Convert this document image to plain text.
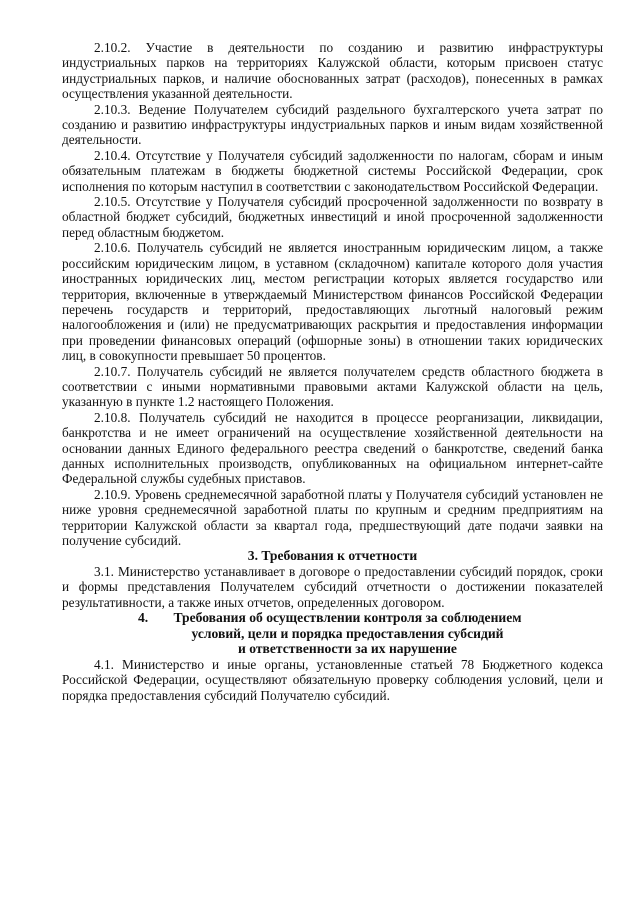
2.10.2. Участие в деятельности по созданию и развитию инфраструктуры индустриальных парков на территориях Калужской области, которым присвоен статус индустриальных парков, и наличие обоснованных затрат (расходов), понесенных в рамках осуществления указанной деятельности.

2.10.3. Ведение Получателем субсидий раздельного бухгалтерского учета затрат по созданию и развитию инфраструктуры индустриальных парков и иным видам хозяйственной деятельности.

2.10.4. Отсутствие у Получателя субсидий задолженности по налогам, сборам и иным обязательным платежам в бюджеты бюджетной системы Российской Федерации, срок исполнения по которым наступил в соответствии с законодательством Российской Федерации.

2.10.5. Отсутствие у Получателя субсидий просроченной задолженности по возврату в областной бюджет субсидий, бюджетных инвестиций и иной просроченной задолженности перед областным бюджетом.

2.10.6. Получатель субсидий не является иностранным юридическим лицом, а также российским юридическим лицом, в уставном (складочном) капитале которого доля участия иностранных юридических лиц, местом регистрации которых является государство или территория, включенные в утверждаемый Министерством финансов Российской Федерации перечень государств и территорий, предоставляющих льготный налоговый режим налогообложения и (или) не предусматривающих раскрытия и предоставления информации при проведении финансовых операций (офшорные зоны) в отношении таких юридических лиц, в совокупности превышает 50 процентов.

2.10.7. Получатель субсидий не является получателем средств областного бюджета в соответствии с иными нормативными правовыми актами Калужской области на цель, указанную в пункте 1.2 настоящего Положения.

2.10.8. Получатель субсидий не находится в процессе реорганизации, ликвидации, банкротства и не имеет ограничений на осуществление хозяйственной деятельности на основании данных Единого федерального реестра сведений о банкротстве, сведений банка данных исполнительных производств, опубликованных на официальном интернет-сайте Федеральной службы судебных приставов.

2.10.9. Уровень среднемесячной заработной платы у Получателя субсидий установлен не ниже уровня среднемесячной заработной платы по крупным и средним предприятиям на территории Калужской области за квартал года, предшествующий дате подачи заявки на получение субсидий.

3. Требования к отчетности

3.1. Министерство устанавливает в договоре о предоставлении субсидий порядок, сроки и формы представления Получателем субсидий отчетности о достижении показателей результативности, а также иных отчетов, определенных договором.

4.	Требования об осуществлении контроля за соблюдением
условий, цели и порядка предоставления субсидий
и ответственности за их нарушение

4.1. Министерство и иные органы, установленные статьей 78 Бюджетного кодекса Российской Федерации, осуществляют обязательную проверку соблюдения условий, цели и порядка предоставления субсидий Получателю субсидий.
